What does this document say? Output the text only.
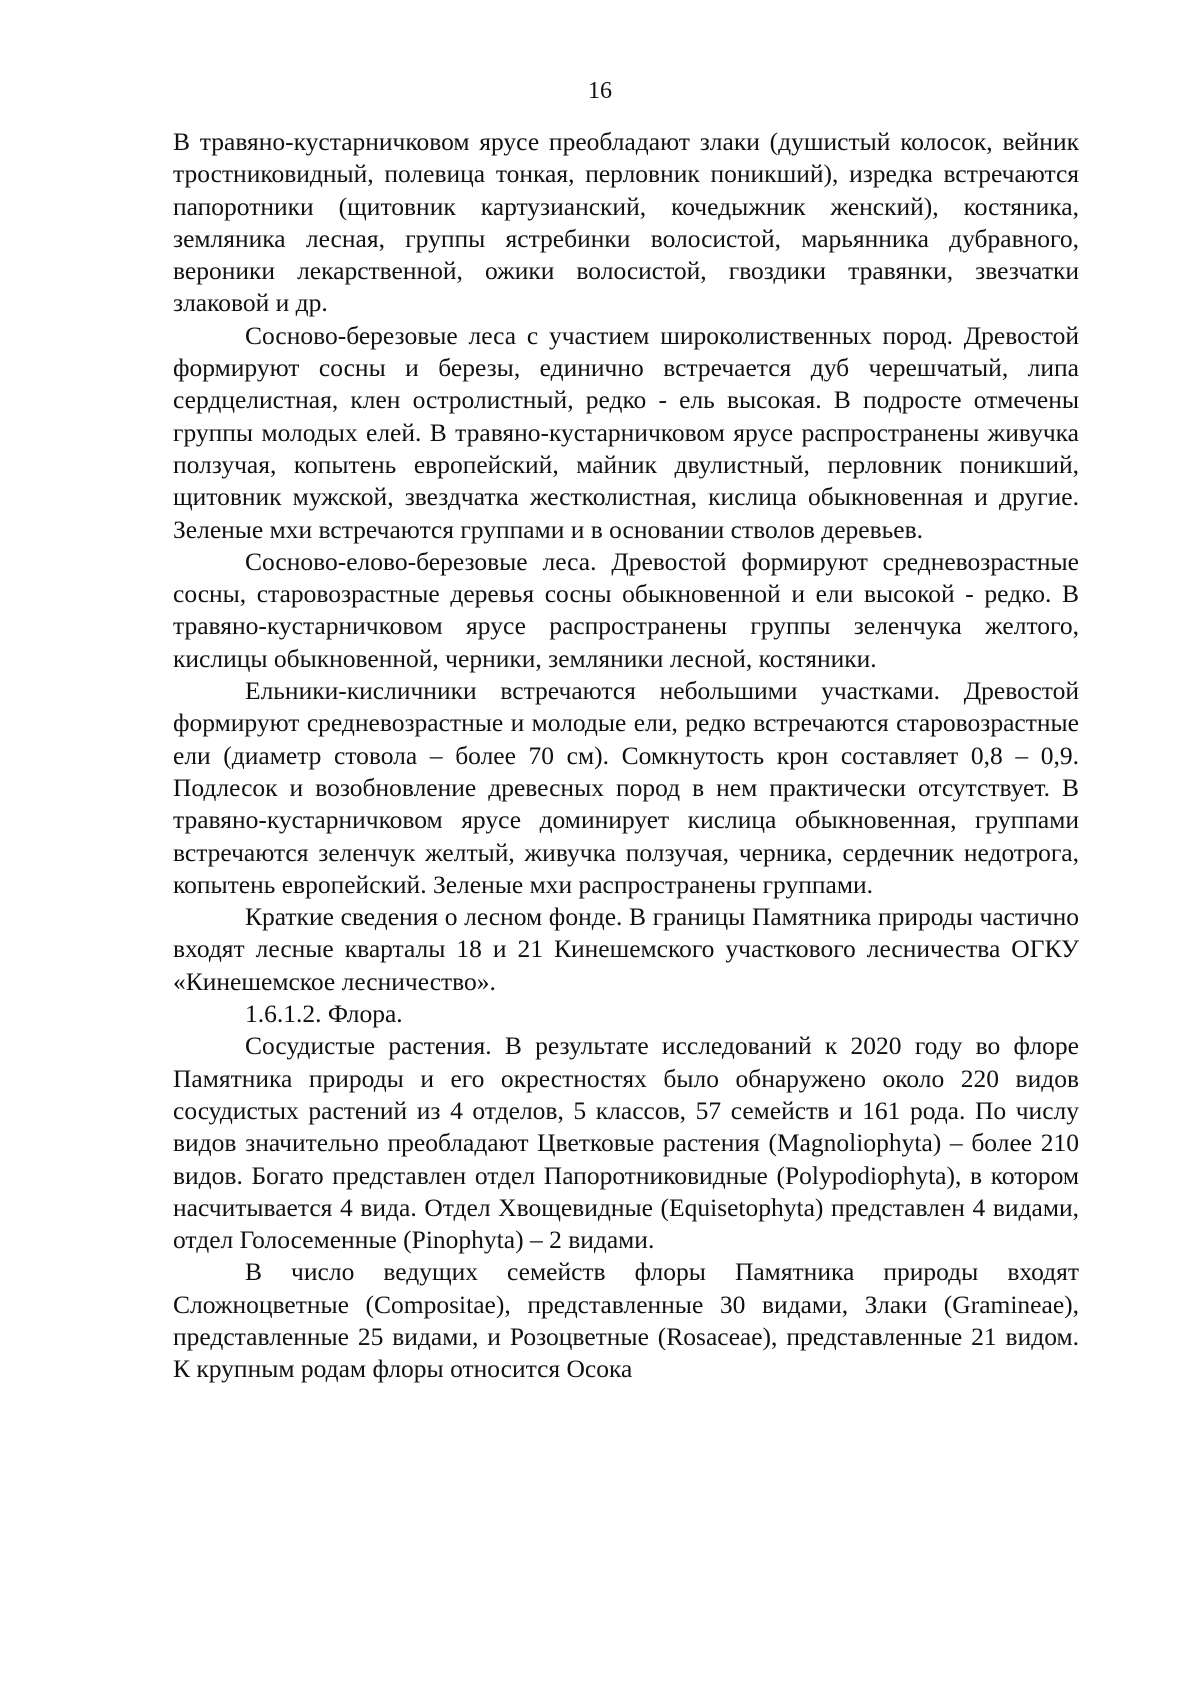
16

В травяно-кустарничковом ярусе преобладают злаки (душистый колосок, вейник тростниковидный, полевица тонкая, перловник поникший), изредка встречаются папоротники (щитовник картузианский, кочедыжник женский), костяника, земляника лесная, группы ястребинки волосистой, марьянника дубравного, вероники лекарственной, ожики волосистой, гвоздики травянки, звезчатки злаковой и др.

Сосново-березовые леса с участием широколиственных пород. Древостой формируют сосны и березы, единично встречается дуб черешчатый, липа сердцелистная, клен остролистный, редко - ель высокая. В подросте отмечены группы молодых елей. В травяно-кустарничковом ярусе распространены живучка ползучая, копытень европейский, майник двулистный, перловник поникший, щитовник мужской, звездчатка жестколистная, кислица обыкновенная и другие. Зеленые мхи встречаются группами и в основании стволов деревьев.

Сосново-елово-березовые леса. Древостой формируют средневозрастные сосны, старовозрастные деревья сосны обыкновенной и ели высокой - редко. В травяно-кустарничковом ярусе распространены группы зеленчука желтого, кислицы обыкновенной, черники, земляники лесной, костяники.

Ельники-кисличники встречаются небольшими участками. Древостой формируют средневозрастные и молодые ели, редко встречаются старовозрастные ели (диаметр стовола – более 70 см). Сомкнутость крон составляет 0,8 – 0,9. Подлесок и возобновление древесных пород в нем практически отсутствует. В травяно-кустарничковом ярусе доминирует кислица обыкновенная, группами встречаются зеленчук желтый, живучка ползучая, черника, сердечник недотрога, копытень европейский. Зеленые мхи распространены группами.

Краткие сведения о лесном фонде. В границы Памятника природы частично входят лесные кварталы 18 и 21 Кинешемского участкового лесничества ОГКУ «Кинешемское лесничество».

1.6.1.2. Флора.

Сосудистые растения. В результате исследований к 2020 году во флоре Памятника природы и его окрестностях было обнаружено около 220 видов сосудистых растений из 4 отделов, 5 классов, 57 семейств и 161 рода. По числу видов значительно преобладают Цветковые растения (Magnoliophyta) – более 210 видов. Богато представлен отдел Папоротниковидные (Polypodiophyta), в котором насчитывается 4 вида. Отдел Хвощевидные (Equisetophyta) представлен 4 видами, отдел Голосеменные (Pinophyta) – 2 видами.

В число ведущих семейств флоры Памятника природы входят Сложноцветные (Compositae), представленные 30 видами, Злаки (Gramineae), представленные 25 видами, и Розоцветные (Rosaceae), представленные 21 видом. К крупным родам флоры относится Осока
